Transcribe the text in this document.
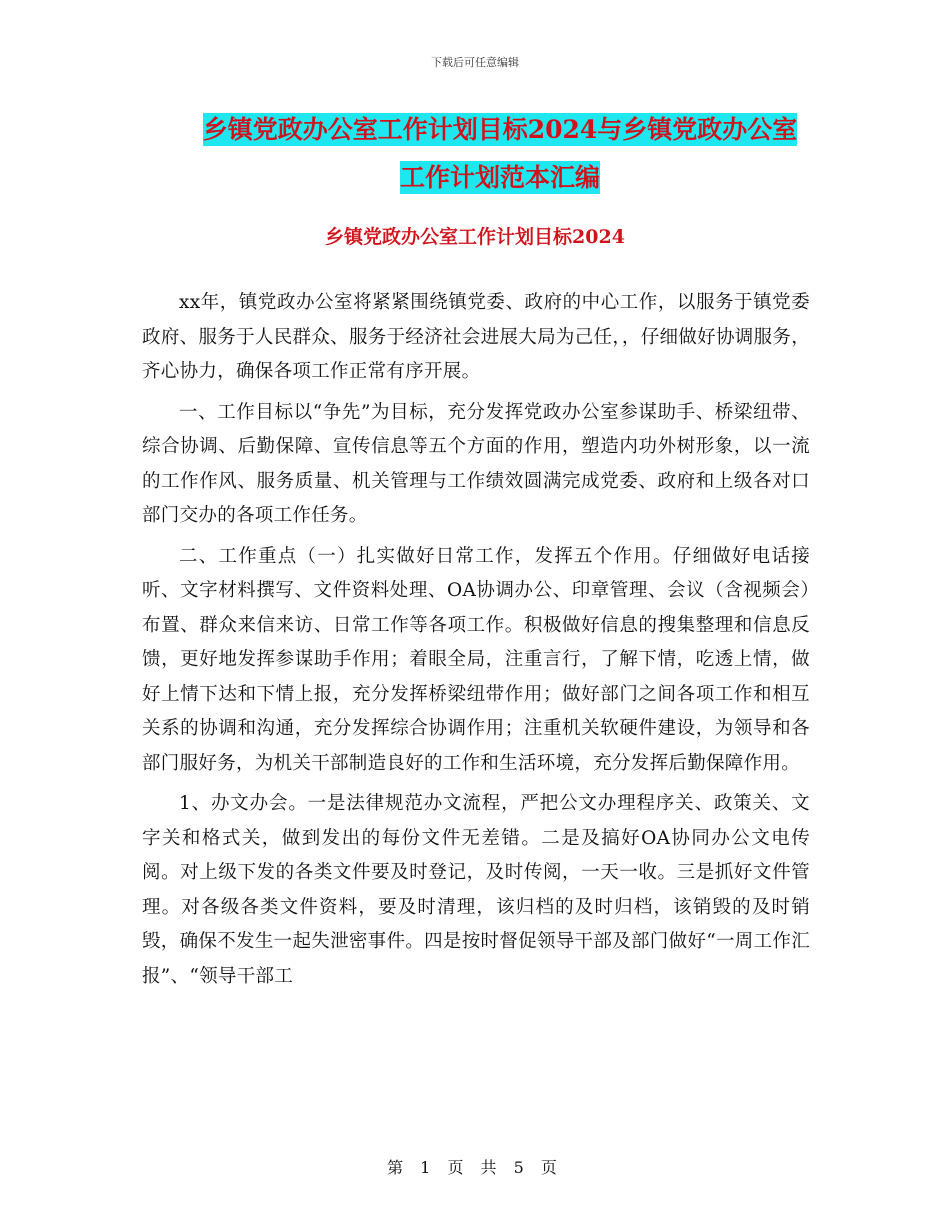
下载后可任意编辑
乡镇党政办公室工作计划目标2024与乡镇党政办公室
工作计划范本汇编
乡镇党政办公室工作计划目标2024

xx年，镇党政办公室将紧紧围绕镇党委、政府的中心工作，以服务于镇党委政府、服务于人民群众、服务于经济社会进展大局为己任，，仔细做好协调服务，齐心协力，确保各项工作正常有序开展。

一、工作目标以“争先”为目标，充分发挥党政办公室参谋助手、桥梁纽带、综合协调、后勤保障、宣传信息等五个方面的作用，塑造内功外树形象，以一流的工作作风、服务质量、机关管理与工作绩效圆满完成党委、政府和上级各对口部门交办的各项工作任务。

二、工作重点（一）扎实做好日常工作，发挥五个作用。仔细做好电话接听、文字材料撰写、文件资料处理、OA协调办公、印章管理、会议（含视频会）布置、群众来信来访、日常工作等各项工作。积极做好信息的搜集整理和信息反馈，更好地发挥参谋助手作用；着眼全局，注重言行，了解下情，吃透上情，做好上情下达和下情上报，充分发挥桥梁纽带作用；做好部门之间各项工作和相互关系的协调和沟通，充分发挥综合协调作用；注重机关软硬件建设，为领导和各部门服好务，为机关干部制造良好的工作和生活环境，充分发挥后勤保障作用。

1、办文办会。一是法律规范办文流程，严把公文办理程序关、政策关、文字关和格式关，做到发出的每份文件无差错。二是及搞好OA协同办公文电传阅。对上级下发的各类文件要及时登记，及时传阅，一天一收。三是抓好文件管理。对各级各类文件资料，要及时清理，该归档的及时归档，该销毁的及时销毁，确保不发生一起失泄密事件。四是按时督促领导干部及部门做好“一周工作汇报”、“领导干部工

第 1 页 共 5 页
